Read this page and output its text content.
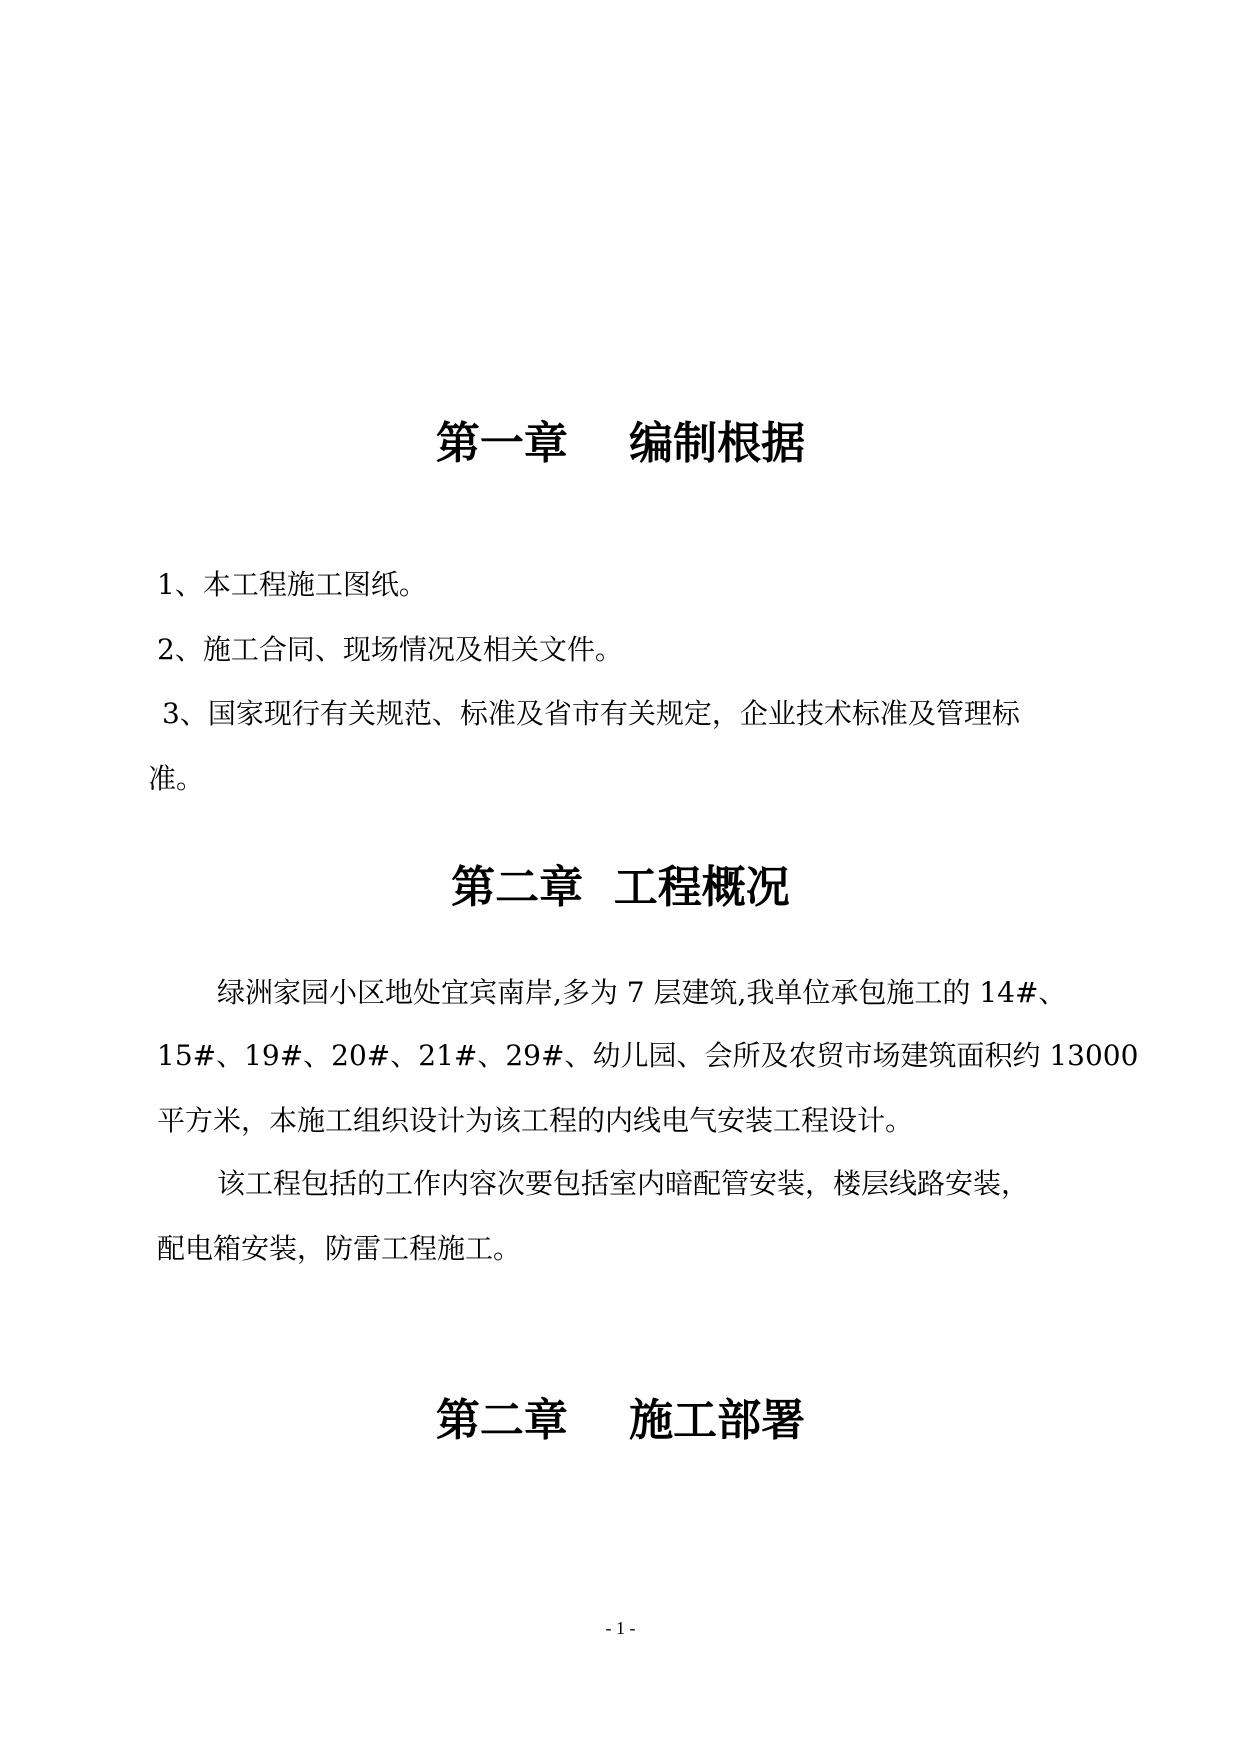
第一章    编制根据

1、本工程施工图纸。

2、施工合同、现场情况及相关文件。

3、国家现行有关规范、标准及省市有关规定，企业技术标准及管理标

准。

第二章  工程概况

绿洲家园小区地处宜宾南岸,多为 7 层建筑,我单位承包施工的 14#、

15#、19#、20#、21#、29#、幼儿园、会所及农贸市场建筑面积约 13000

平方米，本施工组织设计为该工程的内线电气安装工程设计。

该工程包括的工作内容次要包括室内暗配管安装，楼层线路安装，

配电箱安装，防雷工程施工。

第二章    施工部署
- 1 -
